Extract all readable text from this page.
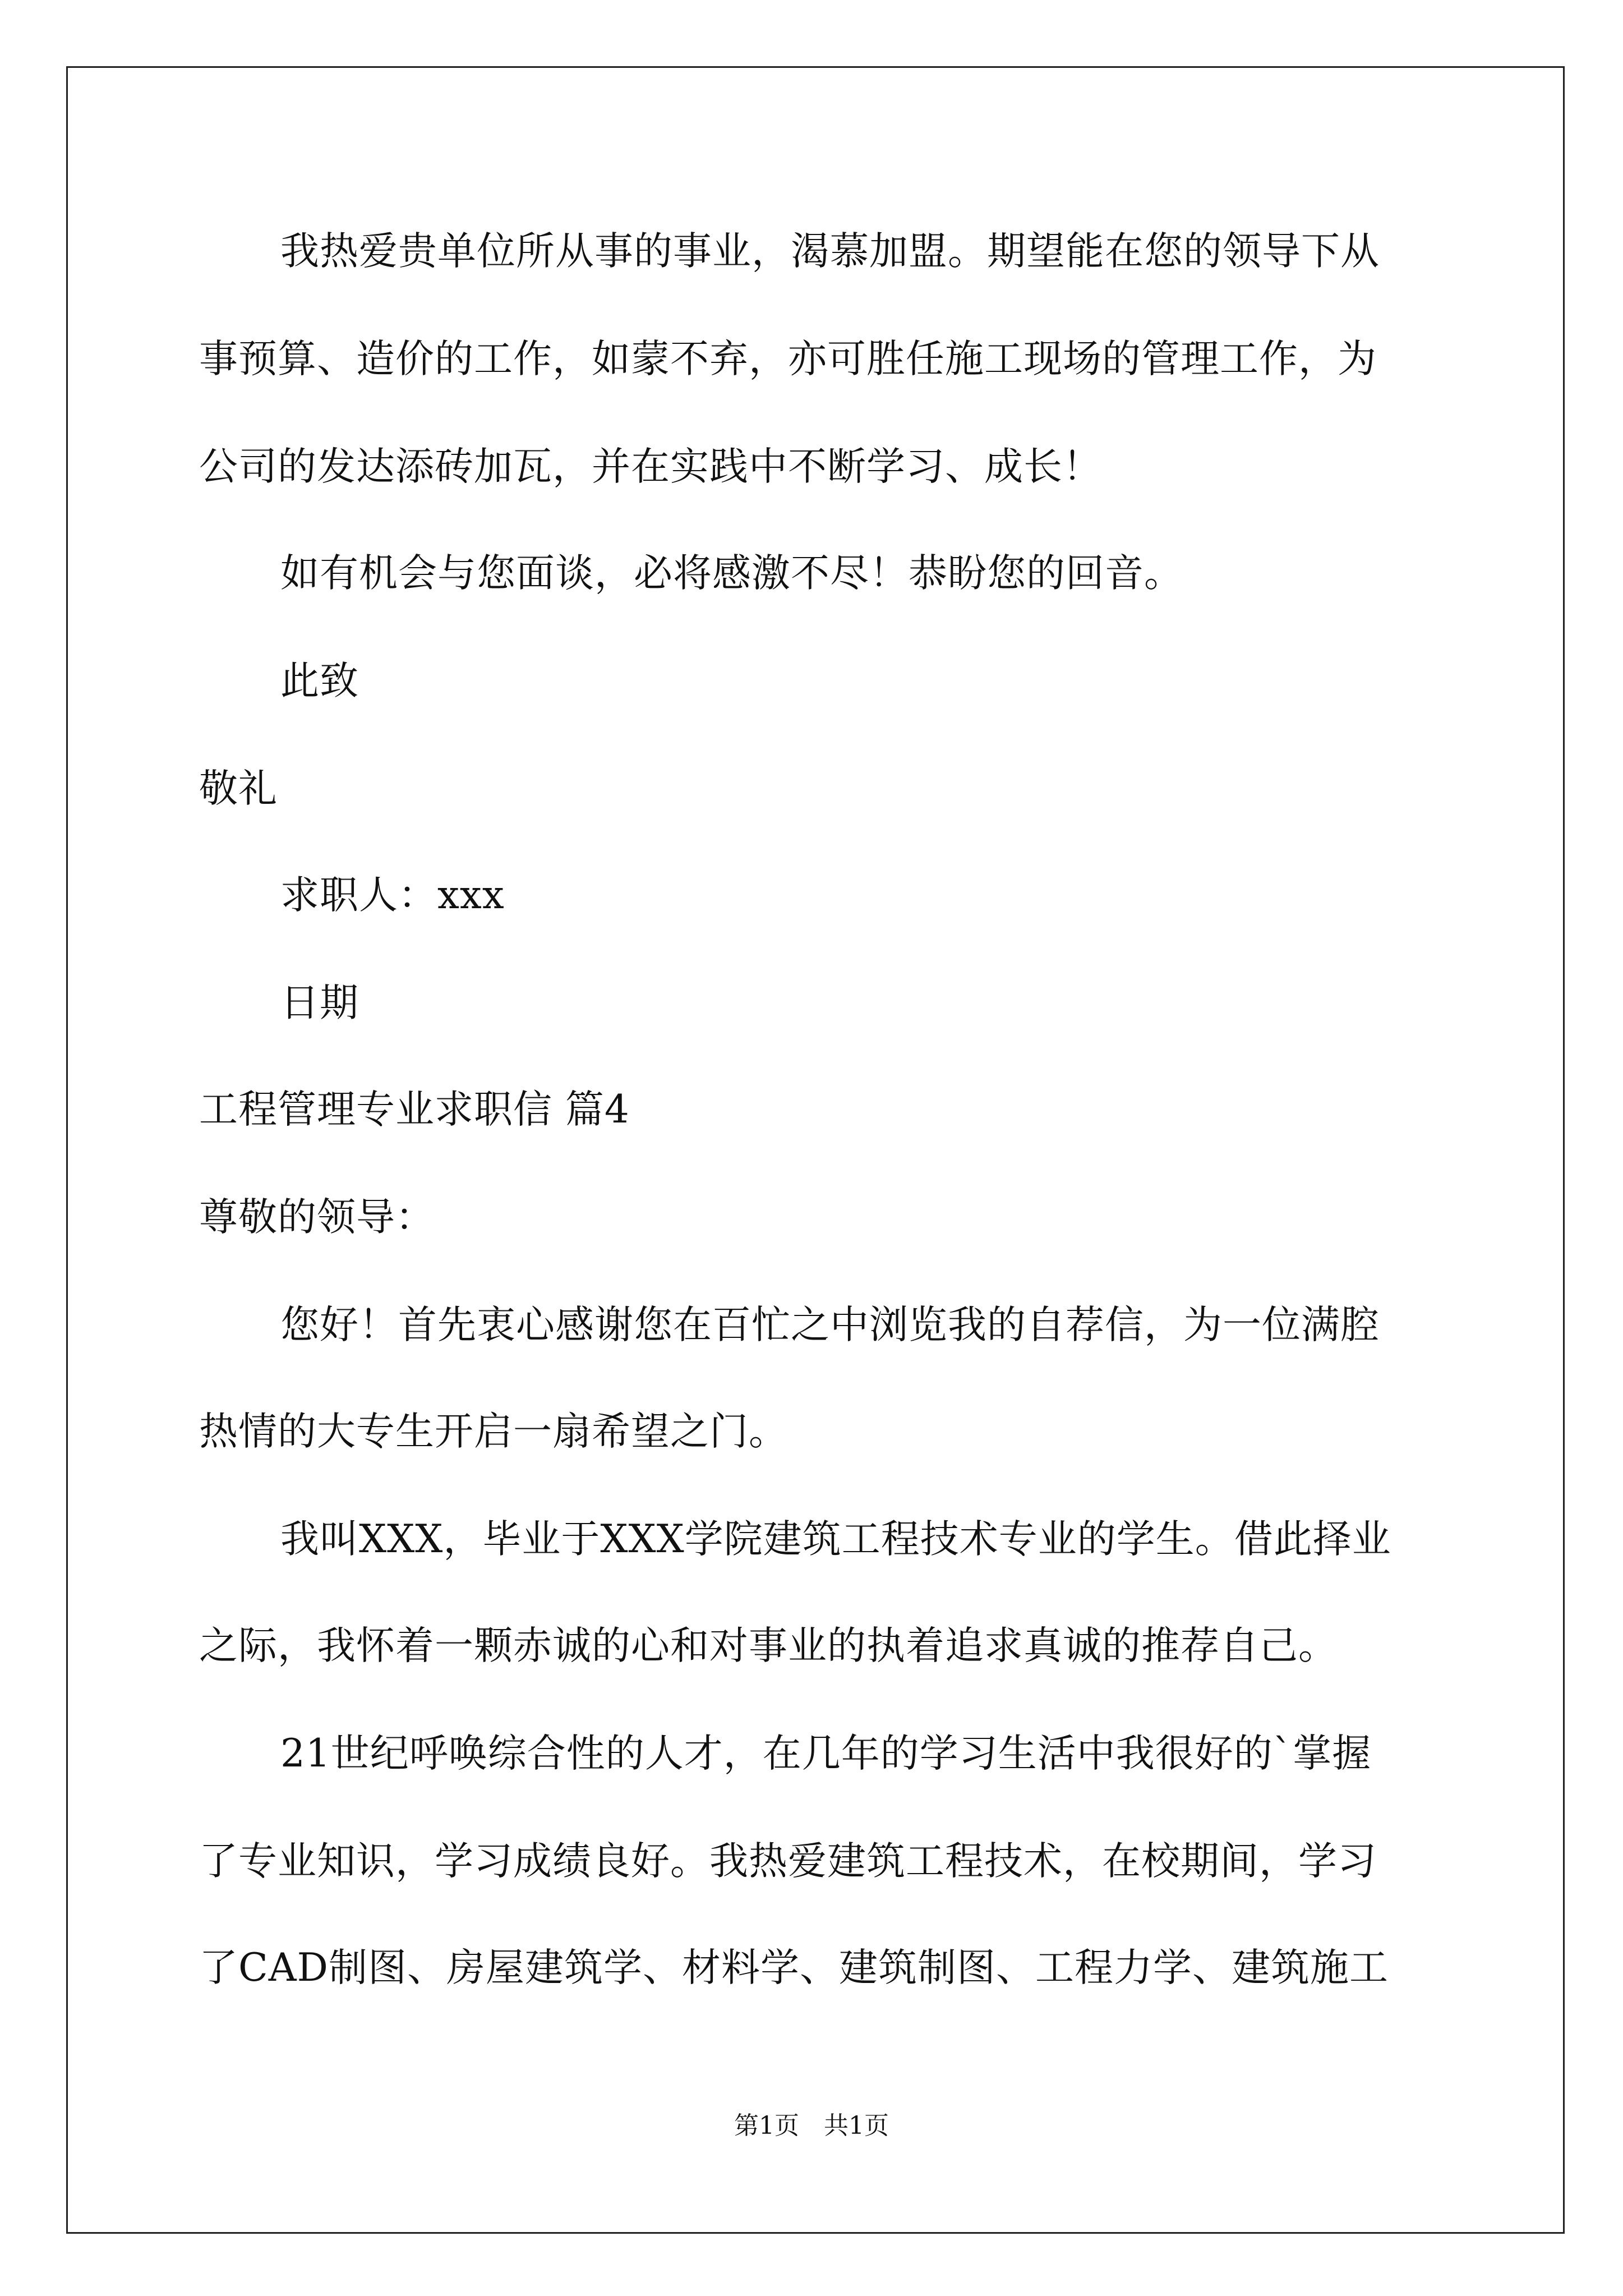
我热爱贵单位所从事的事业，渴慕加盟。期望能在您的领导下从
事预算、造价的工作，如蒙不弃，亦可胜任施工现场的管理工作，为
公司的发达添砖加瓦，并在实践中不断学习、成长！
如有机会与您面谈，必将感激不尽！恭盼您的回音。
此致
敬礼
求职人：xxx
日期
工程管理专业求职信 篇4
尊敬的领导：
您好！首先衷心感谢您在百忙之中浏览我的自荐信，为一位满腔
热情的大专生开启一扇希望之门。
我叫XXX，毕业于XXX学院建筑工程技术专业的学生。借此择业
之际，我怀着一颗赤诚的心和对事业的执着追求真诚的推荐自己。
21世纪呼唤综合性的人才，在几年的学习生活中我很好的`掌握
了专业知识，学习成绩良好。我热爱建筑工程技术，在校期间，学习
了CAD制图、房屋建筑学、材料学、建筑制图、工程力学、建筑施工
第1页　共1页
